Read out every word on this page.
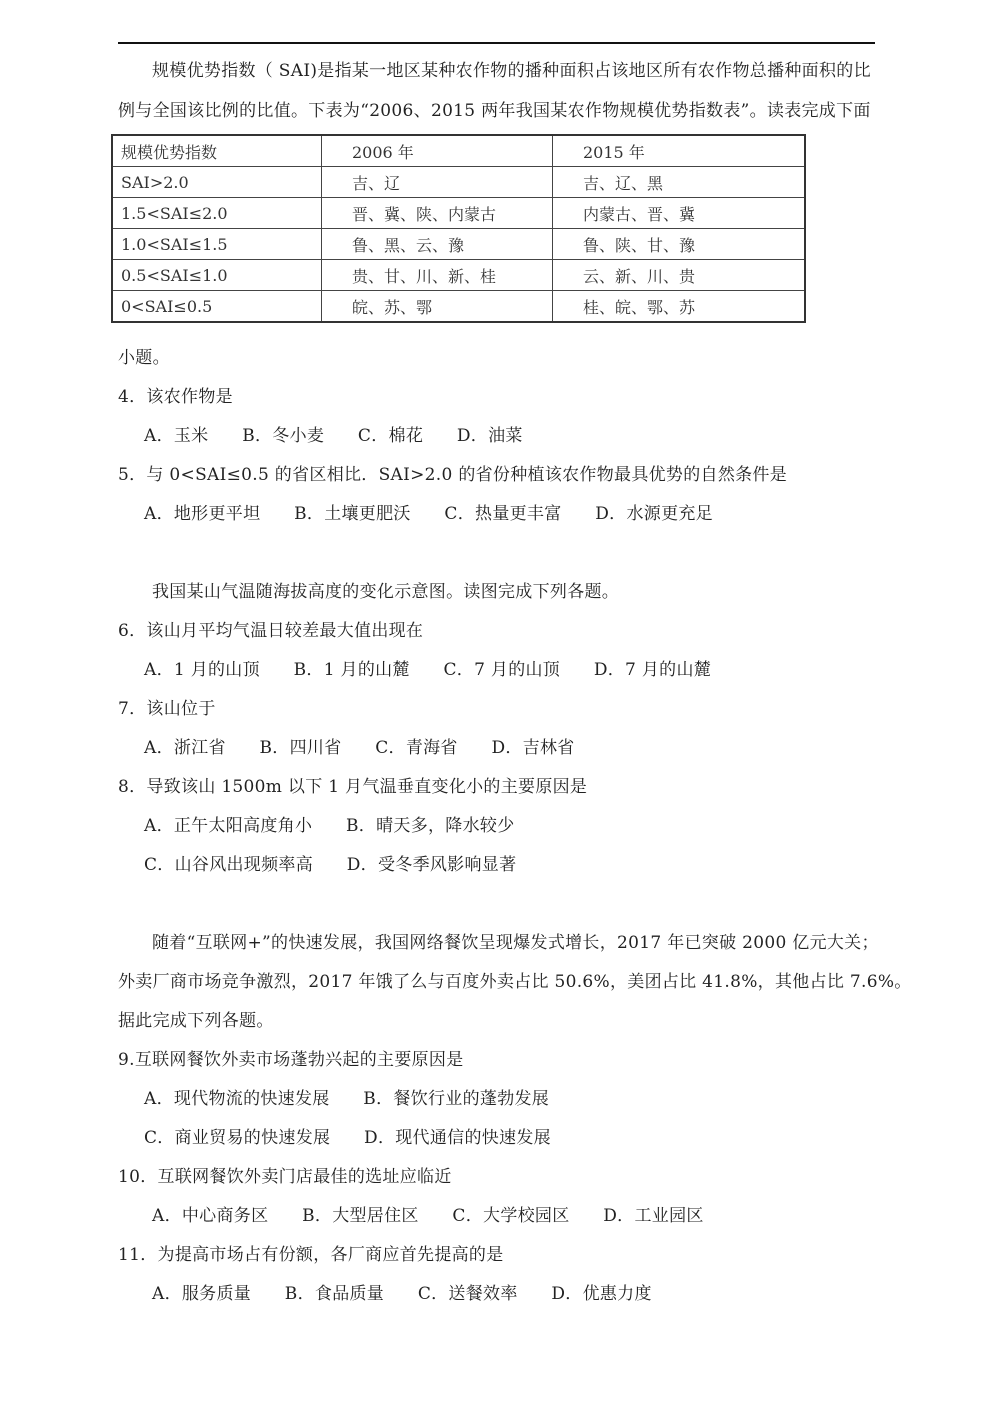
规模优势指数（ SAI)是指某一地区某种农作物的播种面积占该地区所有农作物总播种面积的比
例与全国该比例的比值。下表为“2006、2015 两年我国某农作物规模优势指数表”。读表完成下面
规模优势指数	2006 年	2015 年
SAI>2.0	吉、辽	吉、辽、黑
1.5<SAI≤2.0	晋、冀、陕、内蒙古	内蒙古、晋、冀
1.0<SAI≤1.5	鲁、黑、云、豫	鲁、陕、甘、豫
0.5<SAI≤1.0	贵、甘、川、新、桂	云、新、川、贵
0<SAI≤0.5	皖、苏、鄂	桂、皖、鄂、苏
小题。
4．该农作物是
A．玉米 B．冬小麦 C．棉花 D．油菜
5．与 0<SAI≤0.5 的省区相比．SAI>2.0 的省份种植该农作物最具优势的自然条件是
A．地形更平坦 B．土壤更肥沃 C．热量更丰富 D．水源更充足
我国某山气温随海拔高度的变化示意图。读图完成下列各题。
6．该山月平均气温日较差最大值出现在
A．1 月的山顶 B．1 月的山麓 C．7 月的山顶 D．7 月的山麓
7．该山位于
A．浙江省 B．四川省 C．青海省 D．吉林省
8．导致该山 1500m 以下 1 月气温垂直变化小的主要原因是
A．正午太阳高度角小 B．晴天多，降水较少
C．山谷风出现频率高 D．受冬季风影响显著
随着“互联网+”的快速发展，我国网络餐饮呈现爆发式增长，2017 年已突破 2000 亿元大关；
外卖厂商市场竞争激烈，2017 年饿了么与百度外卖占比 50.6%，美团占比 41.8%，其他占比 7.6%。
据此完成下列各题。
9.互联网餐饮外卖市场蓬勃兴起的主要原因是
A．现代物流的快速发展 B．餐饮行业的蓬勃发展
C．商业贸易的快速发展 D．现代通信的快速发展
10．互联网餐饮外卖门店最佳的选址应临近
A．中心商务区 B．大型居住区 C．大学校园区 D．工业园区
11．为提高市场占有份额，各厂商应首先提高的是
A．服务质量 B．食品质量 C．送餐效率 D．优惠力度
